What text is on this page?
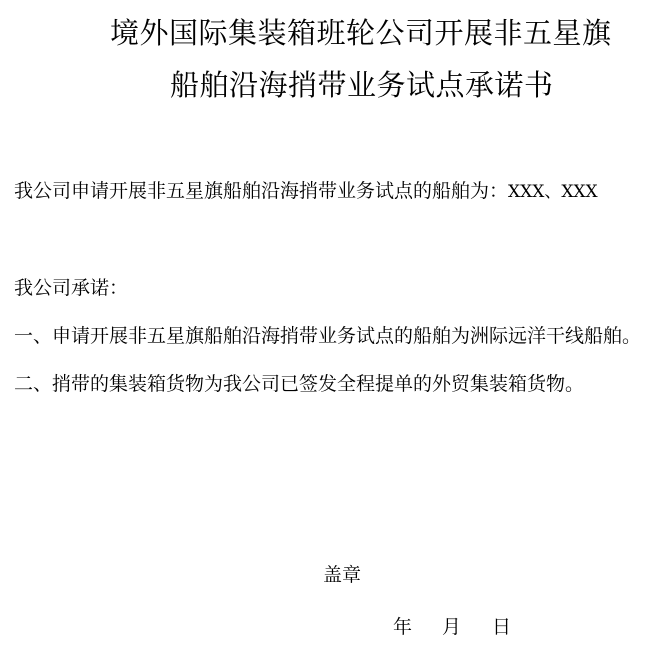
境外国际集装箱班轮公司开展非五星旗
船舶沿海捎带业务试点承诺书
我公司申请开展非五星旗船舶沿海捎带业务试点的船舶为：XXX、XXX
我公司承诺：
一、申请开展非五星旗船舶沿海捎带业务试点的船舶为洲际远洋干线船舶。
二、捎带的集装箱货物为我公司已签发全程提单的外贸集装箱货物。
盖章
年 月 日
